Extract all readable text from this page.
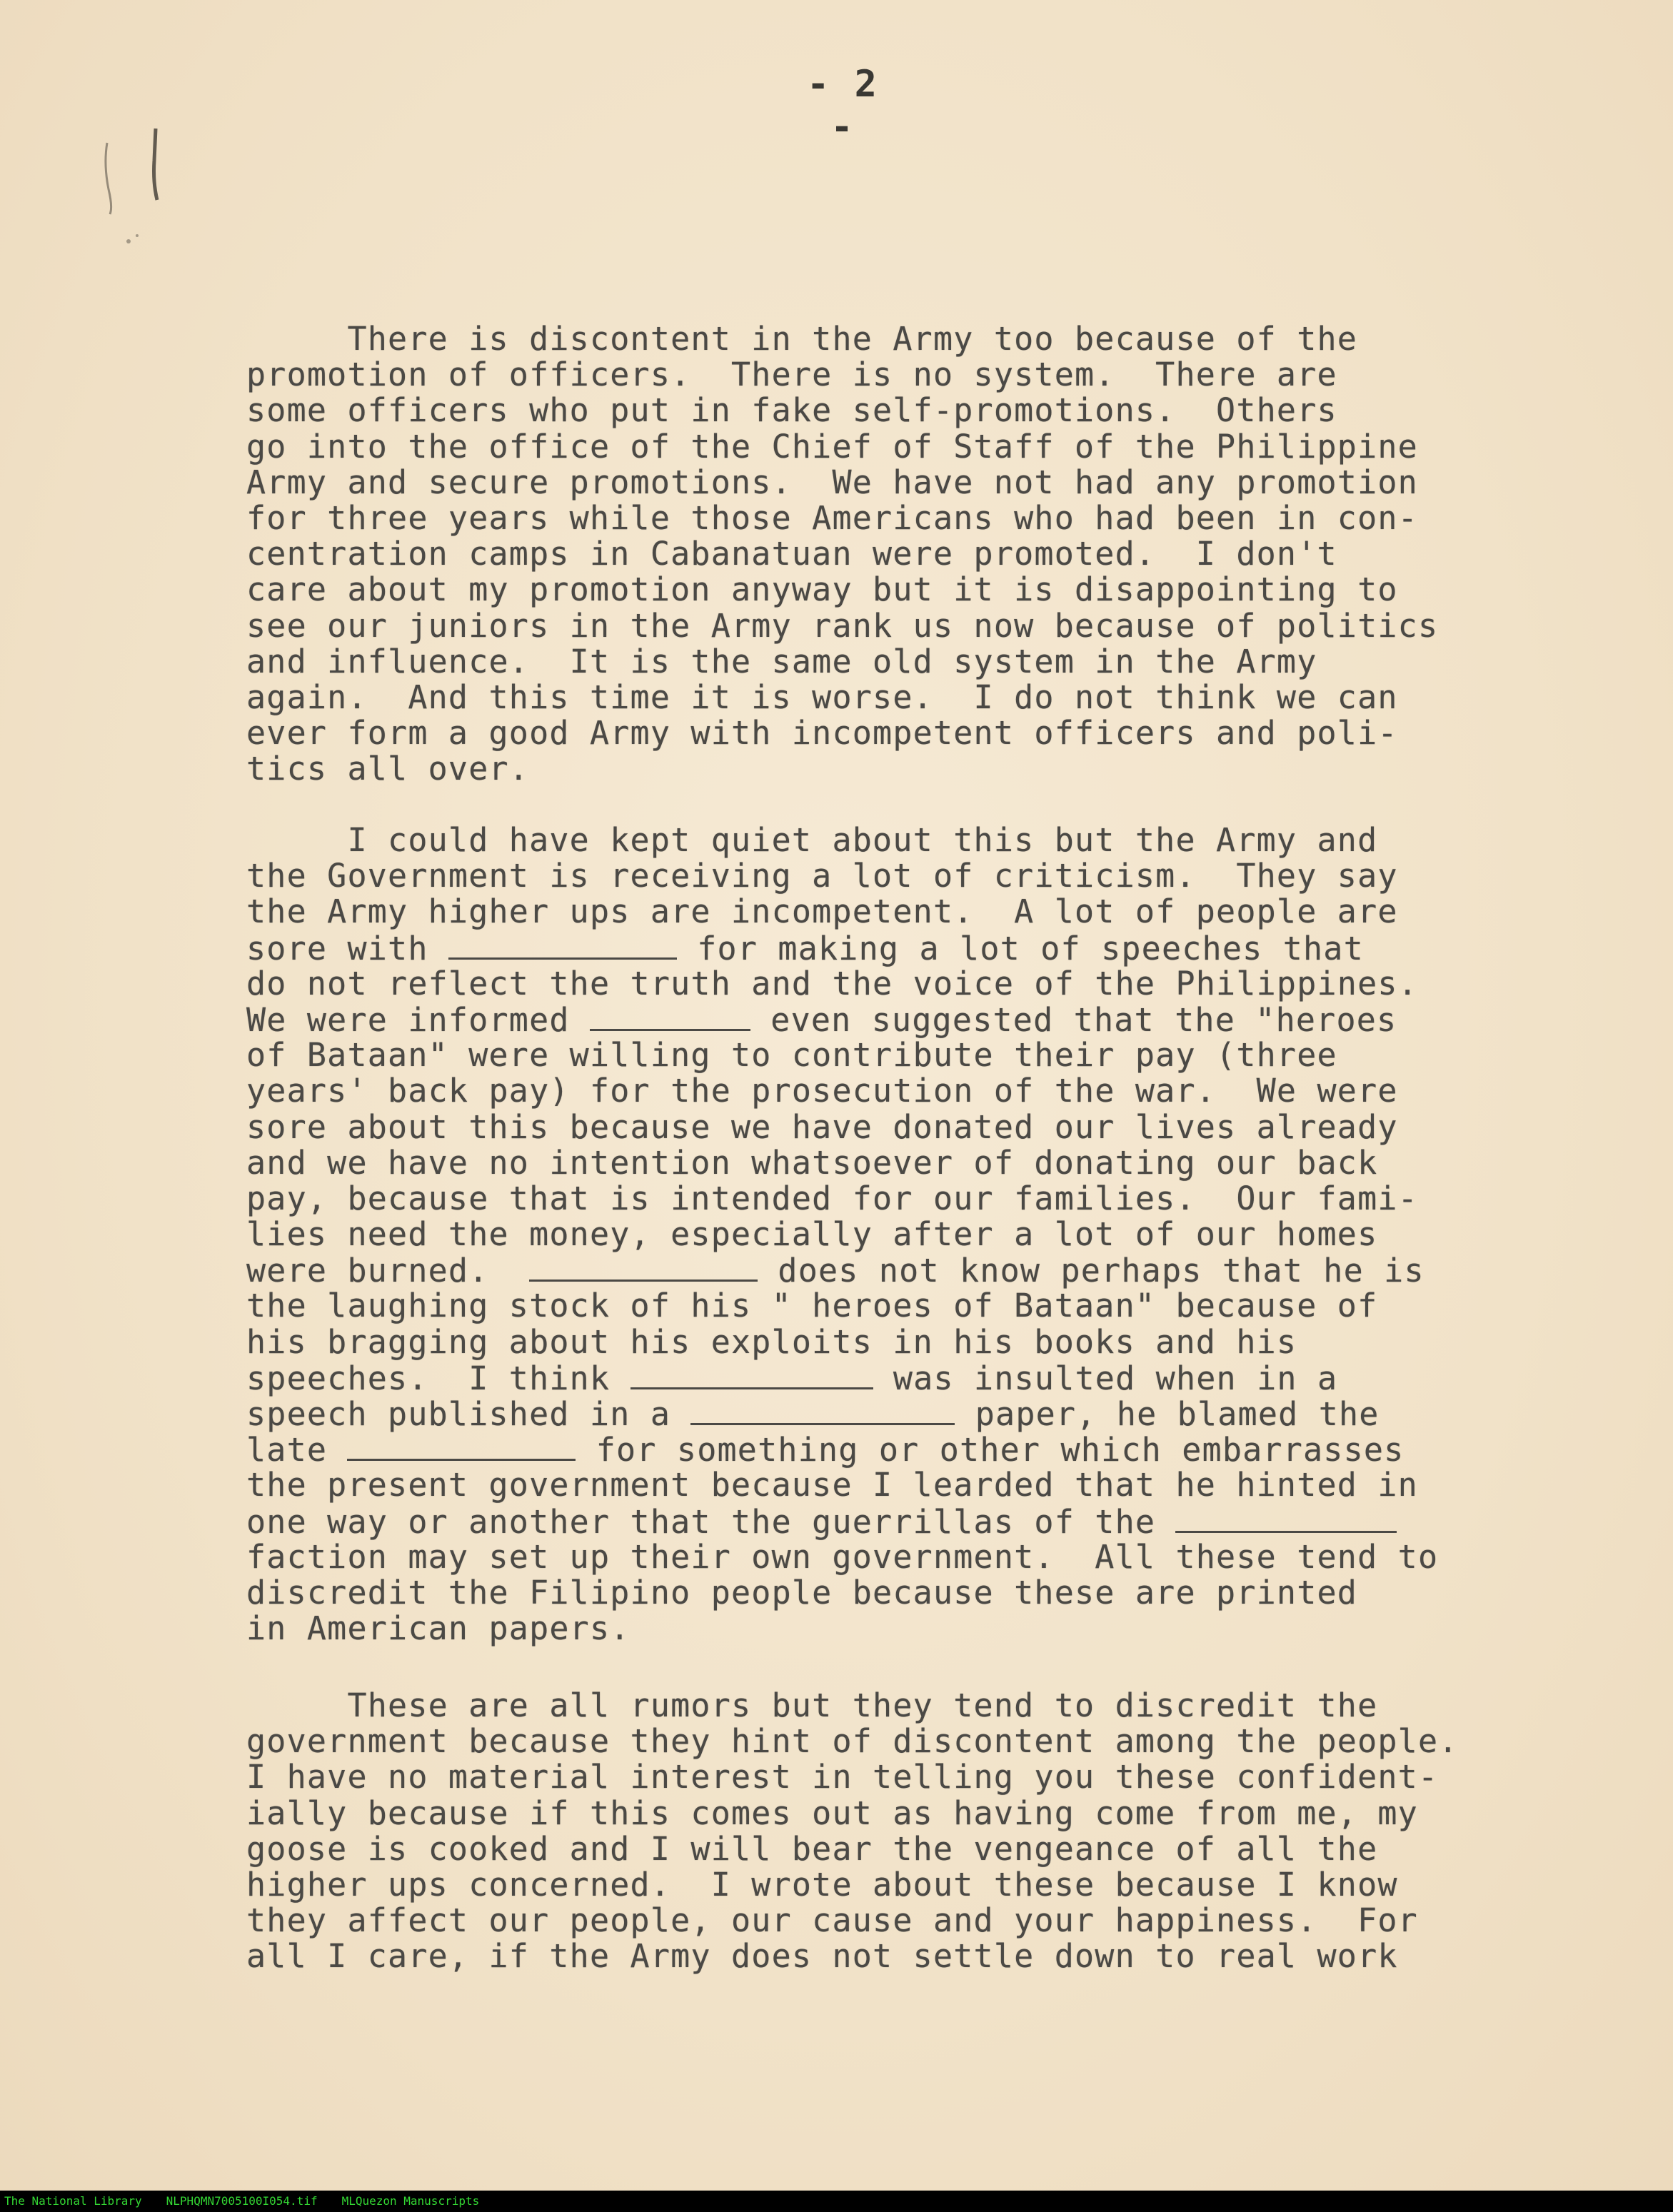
- 2 -
There is discontent in the Army too because of the
promotion of officers.  There is no system.  There are
some officers who put in fake self-promotions.  Others
go into the office of the Chief of Staff of the Philippine
Army and secure promotions.  We have not had any promotion
for three years while those Americans who had been in con-
centration camps in Cabanatuan were promoted.  I don't
care about my promotion anyway but it is disappointing to
see our juniors in the Army rank us now because of politics
and influence.  It is the same old system in the Army
again.  And this time it is worse.  I do not think we can
ever form a good Army with incompetent officers and poli-
tics all over.
I could have kept quiet about this but the Army and
the Government is receiving a lot of criticism.  They say
the Army higher ups are incompetent.  A lot of people are
sore with	for making a lot of speeches that
do not reflect the truth and the voice of the Philippines.
We were informed	even suggested that the "heroes
of Bataan" were willing to contribute their pay (three
years' back pay) for the prosecution of the war.  We were
sore about this because we have donated our lives already
and we have no intention whatsoever of donating our back
pay, because that is intended for our families.  Our fami-
lies need the money, especially after a lot of our homes
were burned.	does not know perhaps that he is
the laughing stock of his " heroes of Bataan" because of
his bragging about his exploits in his books and his
speeches.  I think	was insulted when in a
speech published in a	paper, he blamed the
late	for something or other which embarrasses
the present government because I learded that he hinted in
one way or another that the guerrillas of the
faction may set up their own government.  All these tend to
discredit the Filipino people because these are printed
in American papers.
These are all rumors but they tend to discredit the
government because they hint of discontent among the people.
I have no material interest in telling you these confident-
ially because if this comes out as having come from me, my
goose is cooked and I will bear the vengeance of all the
higher ups concerned.  I wrote about these because I know
they affect our people, our cause and your happiness.  For
all I care, if the Army does not settle down to real work
The National Library NLPHQMN7005100I054.tif MLQuezon Manuscripts
